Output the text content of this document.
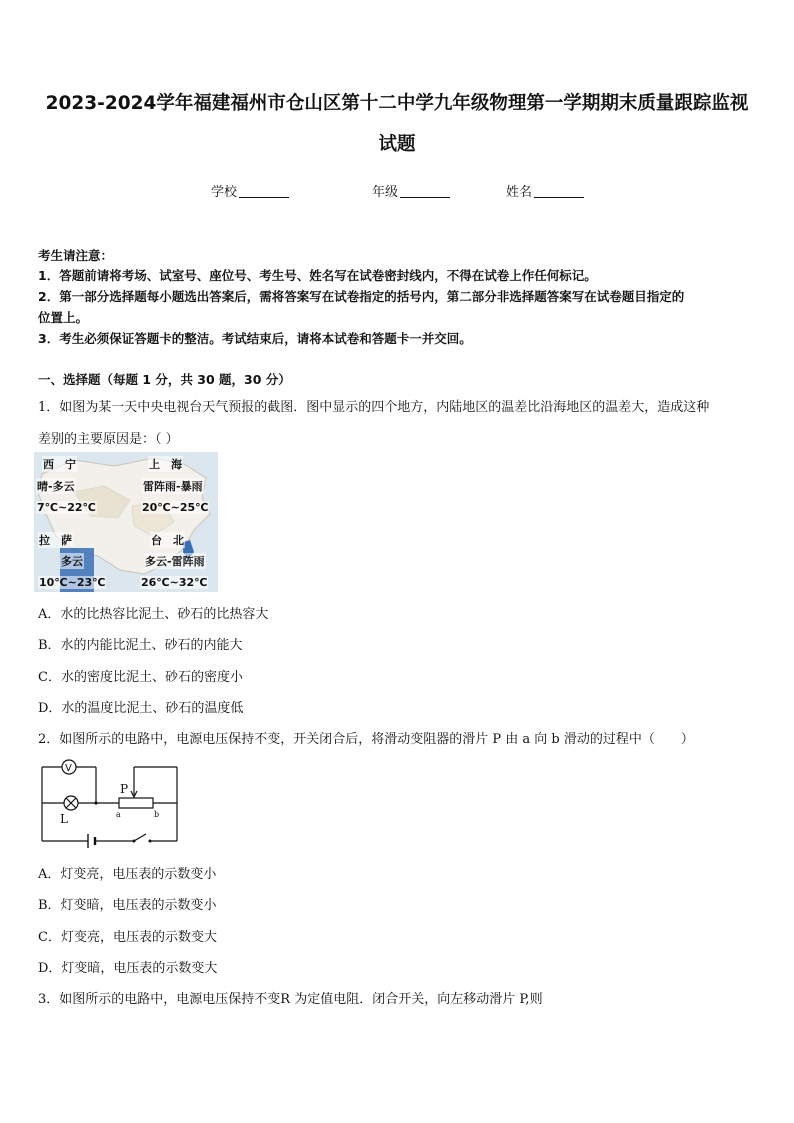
2023-2024学年福建福州市仓山区第十二中学九年级物理第一学期期末质量跟踪监视
试题
学校	年级	姓名
考生请注意：
1．答题前请将考场、试室号、座位号、考生号、姓名写在试卷密封线内，不得在试卷上作任何标记。
2．第一部分选择题每小题选出答案后，需将答案写在试卷指定的括号内，第二部分非选择题答案写在试卷题目指定的
位置上。
3．考生必须保证答题卡的整洁。考试结束后，请将本试卷和答题卡一并交回。
一、选择题（每题 1 分，共 30 题，30 分）
1．如图为某一天中央电视台天气预报的截图．图中显示的四个地方，内陆地区的温差比沿海地区的温差大，造成这种
差别的主要原因是：（ ）
西　宁
晴-多云
7℃~22℃
上　海
雷阵雨-暴雨
20℃~25℃
拉　萨
多云
10℃~23℃
台　北
多云-雷阵雨
26℃~32℃
A．水的比热容比泥土、砂石的比热容大
B．水的内能比泥土、砂石的内能大
C．水的密度比泥土、砂石的密度小
D．水的温度比泥土、砂石的温度低
2．如图所示的电路中，电源电压保持不变，开关闭合后，将滑动变阻器的滑片 P 由 a 向 b 滑动的过程中（　　）
V
L
P
a	b
A．灯变亮，电压表的示数变小
B．灯变暗，电压表的示数变小
C．灯变亮，电压表的示数变大
D．灯变暗，电压表的示数变大
3．如图所示的电路中，电源电压保持不变R 为定值电阻．闭合开关，向左移动滑片 P,则
